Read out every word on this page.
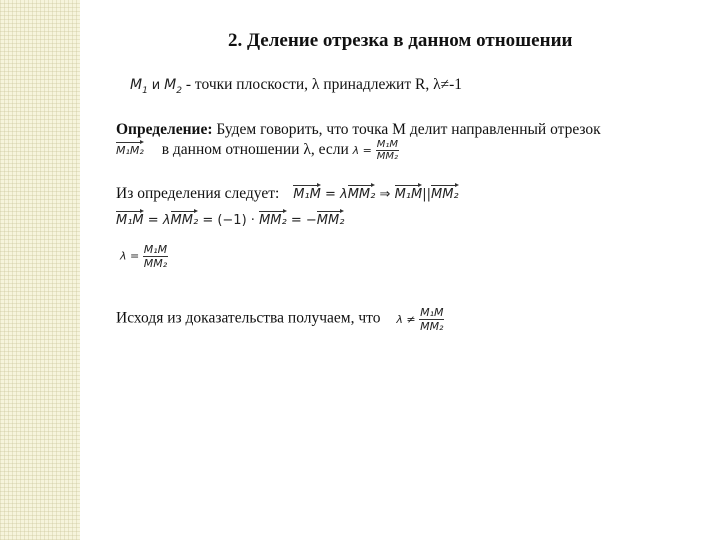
2. Деление отрезка в данном отношении
$M_1$ и $M_2$ - точки плоскости, λ принадлежит R, λ≠-1
Определение: Будем говорить, что точка M делит направленный отрезок
M₁M₂ в данном отношении λ, если $\lambda = \frac{\text{M₁M}}{\text{MM₂}}$
Из определения следует: M₁M = λMM₂ ⇒ M₁M||MM₂
M₁M = λMM₂ = (−1) · MM₂ = −MM₂
$\lambda = \frac{\text{M₁M}}{\text{MM₂}}$
Исходя из доказательства получаем, что $\lambda \ne \frac{\text{M₁M}}{\text{MM₂}}$
